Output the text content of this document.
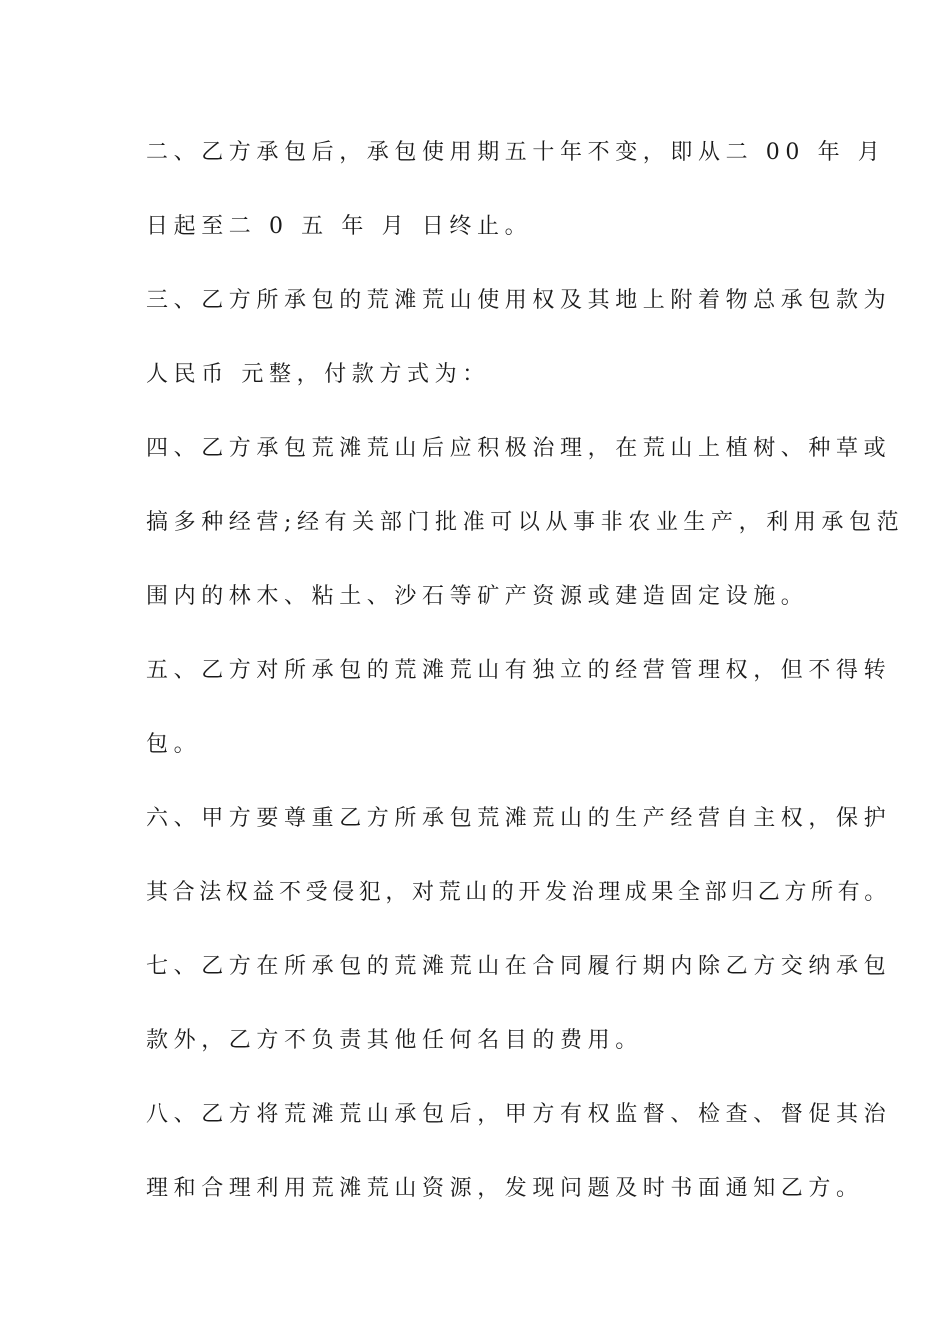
二、乙方承包后，承包使用期五十年不变，即从二 00 年 月
日起至二 0 五 年 月 日终止。
三、乙方所承包的荒滩荒山使用权及其地上附着物总承包款为
人民币 元整，付款方式为：
四、乙方承包荒滩荒山后应积极治理，在荒山上植树、种草或
搞多种经营;经有关部门批准可以从事非农业生产，利用承包范
围内的林木、粘土、沙石等矿产资源或建造固定设施。
五、乙方对所承包的荒滩荒山有独立的经营管理权，但不得转
包。
六、甲方要尊重乙方所承包荒滩荒山的生产经营自主权，保护
其合法权益不受侵犯，对荒山的开发治理成果全部归乙方所有。
七、乙方在所承包的荒滩荒山在合同履行期内除乙方交纳承包
款外，乙方不负责其他任何名目的费用。
八、乙方将荒滩荒山承包后，甲方有权监督、检查、督促其治
理和合理利用荒滩荒山资源，发现问题及时书面通知乙方。
